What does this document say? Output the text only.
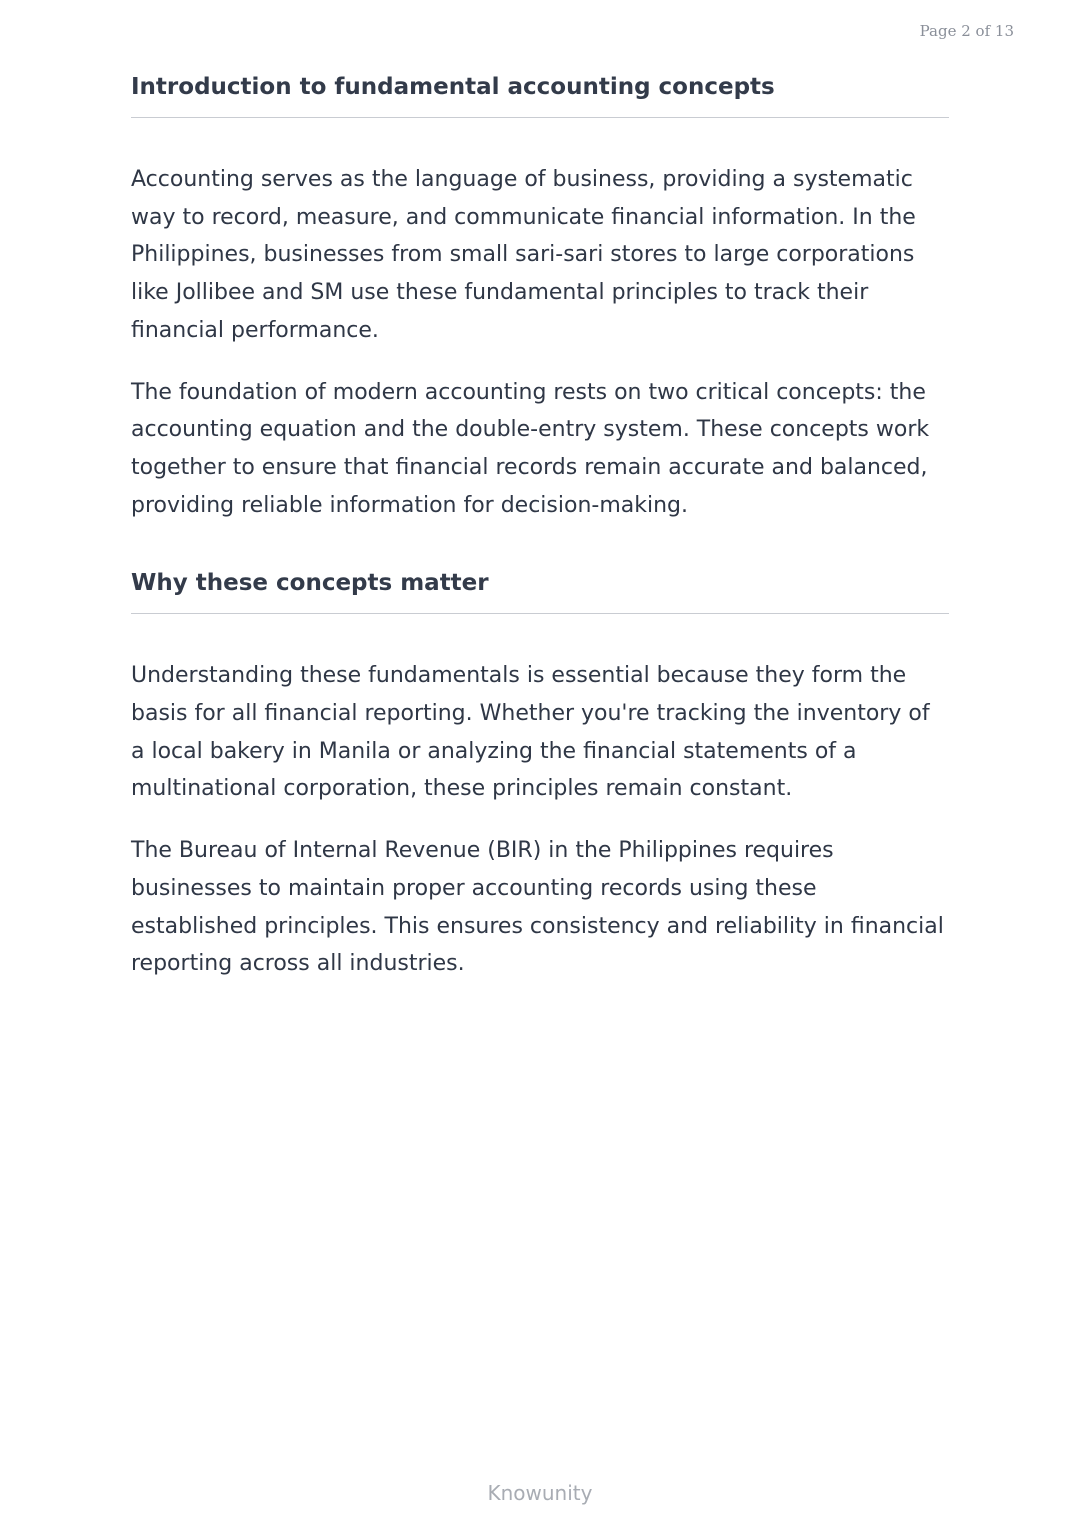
Page 2 of 13
Introduction to fundamental accounting concepts

Accounting serves as the language of business, providing a systematic way to record, measure, and communicate financial information. In the Philippines, businesses from small sari-sari stores to large corporations like Jollibee and SM use these fundamental principles to track their financial performance.

The foundation of modern accounting rests on two critical concepts: the accounting equation and the double-entry system. These concepts work together to ensure that financial records remain accurate and balanced, providing reliable information for decision-making.

Why these concepts matter

Understanding these fundamentals is essential because they form the basis for all financial reporting. Whether you're tracking the inventory of a local bakery in Manila or analyzing the financial statements of a multinational corporation, these principles remain constant.

The Bureau of Internal Revenue (BIR) in the Philippines requires businesses to maintain proper accounting records using these established principles. This ensures consistency and reliability in financial reporting across all industries.

Knowunity
